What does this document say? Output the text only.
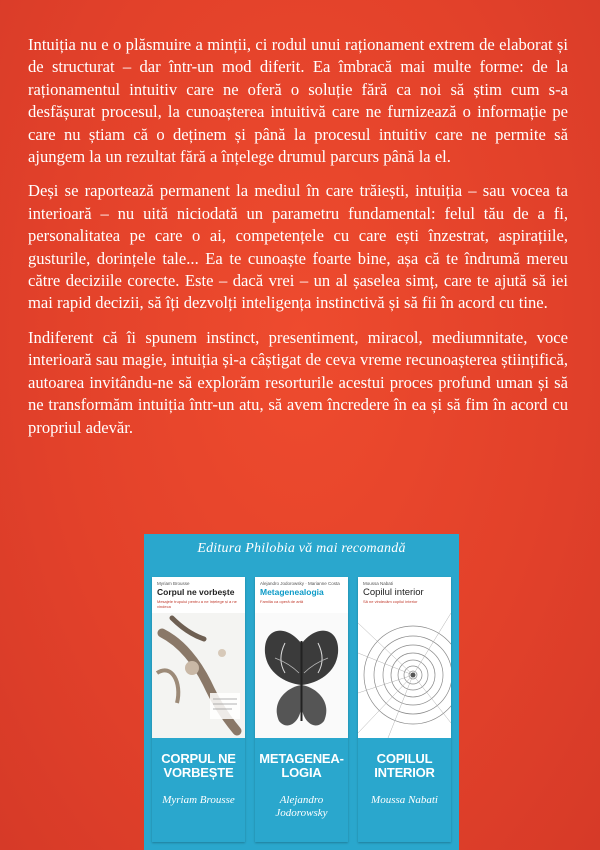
Intuiția nu e o plăsmuire a minții, ci rodul unui raționament extrem de elaborat și de structurat – dar într-un mod diferit. Ea îmbracă mai multe forme: de la raționamentul intuitiv care ne oferă o soluție fără ca noi să știm cum s-a desfășurat procesul, la cunoașterea intuitivă care ne furnizează o informație pe care nu știam că o deținem și până la procesul intuitiv care ne permite să ajungem la un rezultat fără a înțelege drumul parcurs până la el.

Deși se raportează permanent la mediul în care trăiești, intuiția – sau vocea ta interioară – nu uită niciodată un parametru fundamental: felul tău de a fi, personalitatea pe care o ai, competențele cu care ești înzestrat, aspirațiile, gusturile, dorințele tale... Ea te cunoaște foarte bine, așa că te îndrumă mereu către deciziile corecte. Este – dacă vrei – un al șaselea simț, care te ajută să iei mai rapid decizii, să îți dezvolți inteligența instinctivă și să fii în acord cu tine.

Indiferent că îi spunem instinct, presentiment, miracol, mediumnitate, voce interioară sau magie, intuiția și-a câștigat de ceva vreme recunoașterea științifică, autoarea invitându-ne să explorăm resorturile acestui proces profund uman și să ne transformăm intuiția într-un atu, să avem încredere în ea și să fim în acord cu propriul adevăr.

Editura Philobia vă mai recomandă
Myriam Brousse
Corpul ne vorbește
Mesajele trupului pentru a ne înțelege și a ne vindeca
CORPUL NE VORBEȘTE
Myriam Brousse
Alejandro Jodorowsky · Marianne Costa
Metagenealogia
Familia ca operă de artă
METAGENEA-LOGIA
Alejandro Jodorowsky
Moussa Nabati
Copilul interior
Să ne vindecăm copilul interior
COPILUL INTERIOR
Moussa Nabati
